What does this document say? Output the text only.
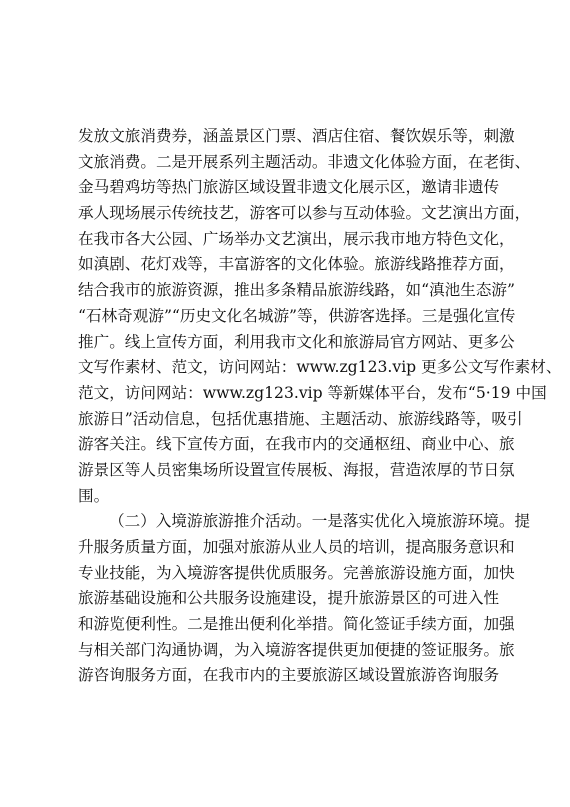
发放文旅消费券，涵盖景区门票、酒店住宿、餐饮娱乐等，刺激
文旅消费。二是开展系列主题活动。非遗文化体验方面，在老街、
金马碧鸡坊等热门旅游区域设置非遗文化展示区，邀请非遗传
承人现场展示传统技艺，游客可以参与互动体验。文艺演出方面，
在我市各大公园、广场举办文艺演出，展示我市地方特色文化，
如滇剧、花灯戏等，丰富游客的文化体验。旅游线路推荐方面，
结合我市的旅游资源，推出多条精品旅游线路，如“滇池生态游”
“石林奇观游”“历史文化名城游”等，供游客选择。三是强化宣传
推广。线上宣传方面，利用我市文化和旅游局官方网站、更多公
文写作素材、范文，访问网站：www.zg123.vip 更多公文写作素材、
范文，访问网站：www.zg123.vip 等新媒体平台，发布“5·19 中国
旅游日”活动信息，包括优惠措施、主题活动、旅游线路等，吸引
游客关注。线下宣传方面，在我市内的交通枢纽、商业中心、旅
游景区等人员密集场所设置宣传展板、海报，营造浓厚的节日氛
围。
（二）入境游旅游推介活动。一是落实优化入境旅游环境。提
升服务质量方面，加强对旅游从业人员的培训，提高服务意识和
专业技能，为入境游客提供优质服务。完善旅游设施方面，加快
旅游基础设施和公共服务设施建设，提升旅游景区的可进入性
和游览便利性。二是推出便利化举措。简化签证手续方面，加强
与相关部门沟通协调，为入境游客提供更加便捷的签证服务。旅
游咨询服务方面，在我市内的主要旅游区域设置旅游咨询服务
